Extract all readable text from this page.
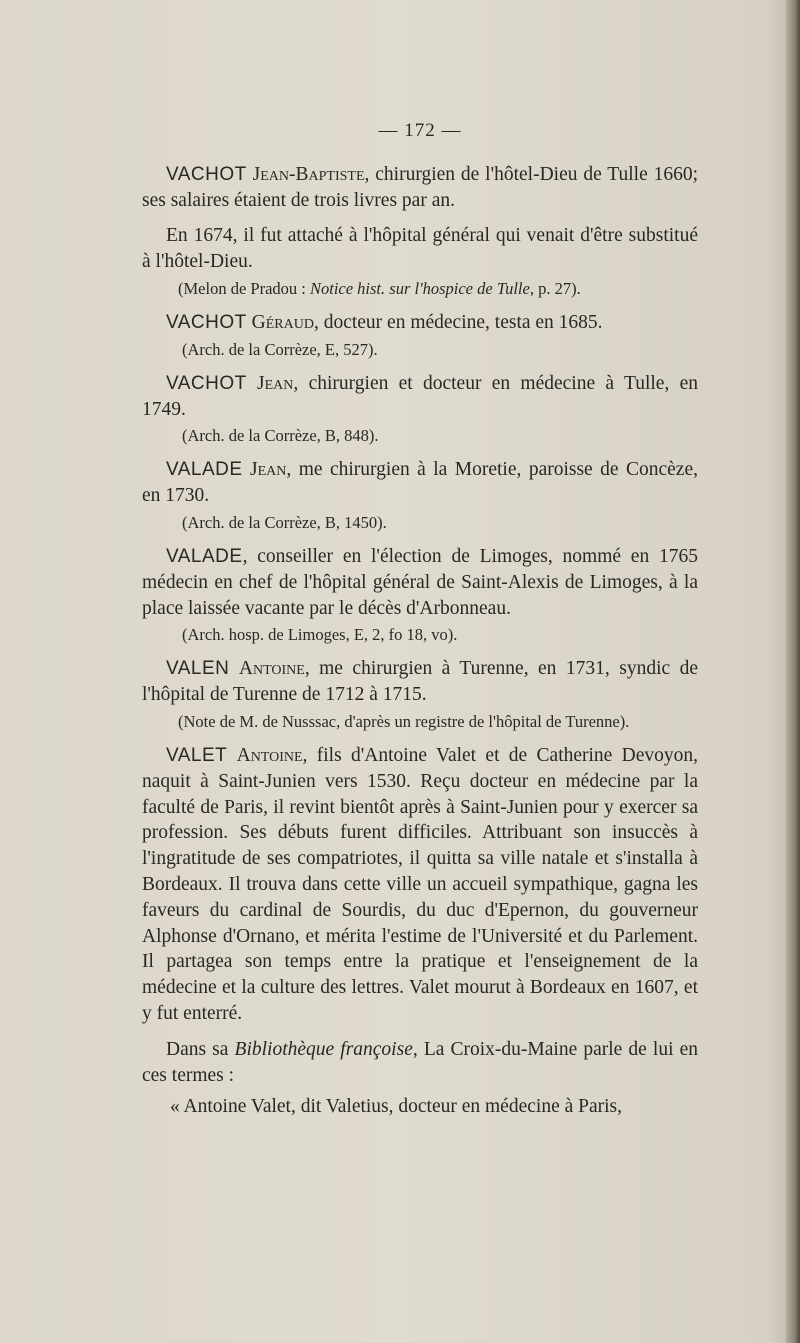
— 172 —

VACHOT Jean-Baptiste, chirurgien de l'hôtel-Dieu de Tulle 1660; ses salaires étaient de trois livres par an.

En 1674, il fut attaché à l'hôpital général qui venait d'être substitué à l'hôtel-Dieu.

(Melon de Pradou : Notice hist. sur l'hospice de Tulle, p. 27).

VACHOT Géraud, docteur en médecine, testa en 1685.

(Arch. de la Corrèze, E, 527).

VACHOT Jean, chirurgien et docteur en médecine à Tulle, en 1749.

(Arch. de la Corrèze, B, 848).

VALADE Jean, me chirurgien à la Moretie, paroisse de Concèze, en 1730.

(Arch. de la Corrèze, B, 1450).

VALADE, conseiller en l'élection de Limoges, nommé en 1765 médecin en chef de l'hôpital général de Saint-Alexis de Limoges, à la place laissée vacante par le décès d'Arbonneau.

(Arch. hosp. de Limoges, E, 2, fo 18, vo).

VALEN Antoine, me chirurgien à Turenne, en 1731, syndic de l'hôpital de Turenne de 1712 à 1715.

(Note de M. de Nusssac, d'après un registre de l'hôpital de Turenne).

VALET Antoine, fils d'Antoine Valet et de Catherine Devoyon, naquit à Saint-Junien vers 1530. Reçu docteur en médecine par la faculté de Paris, il revint bientôt après à Saint-Junien pour y exercer sa profession. Ses débuts furent difficiles. Attribuant son insuccès à l'ingratitude de ses compatriotes, il quitta sa ville natale et s'installa à Bordeaux. Il trouva dans cette ville un accueil sympathique, gagna les faveurs du cardinal de Sourdis, du duc d'Epernon, du gouverneur Alphonse d'Ornano, et mérita l'estime de l'Université et du Parlement. Il partagea son temps entre la pratique et l'enseignement de la médecine et la culture des lettres. Valet mourut à Bordeaux en 1607, et y fut enterré.

Dans sa Bibliothèque françoise, La Croix-du-Maine parle de lui en ces termes :

« Antoine Valet, dit Valetius, docteur en médecine à Paris,
